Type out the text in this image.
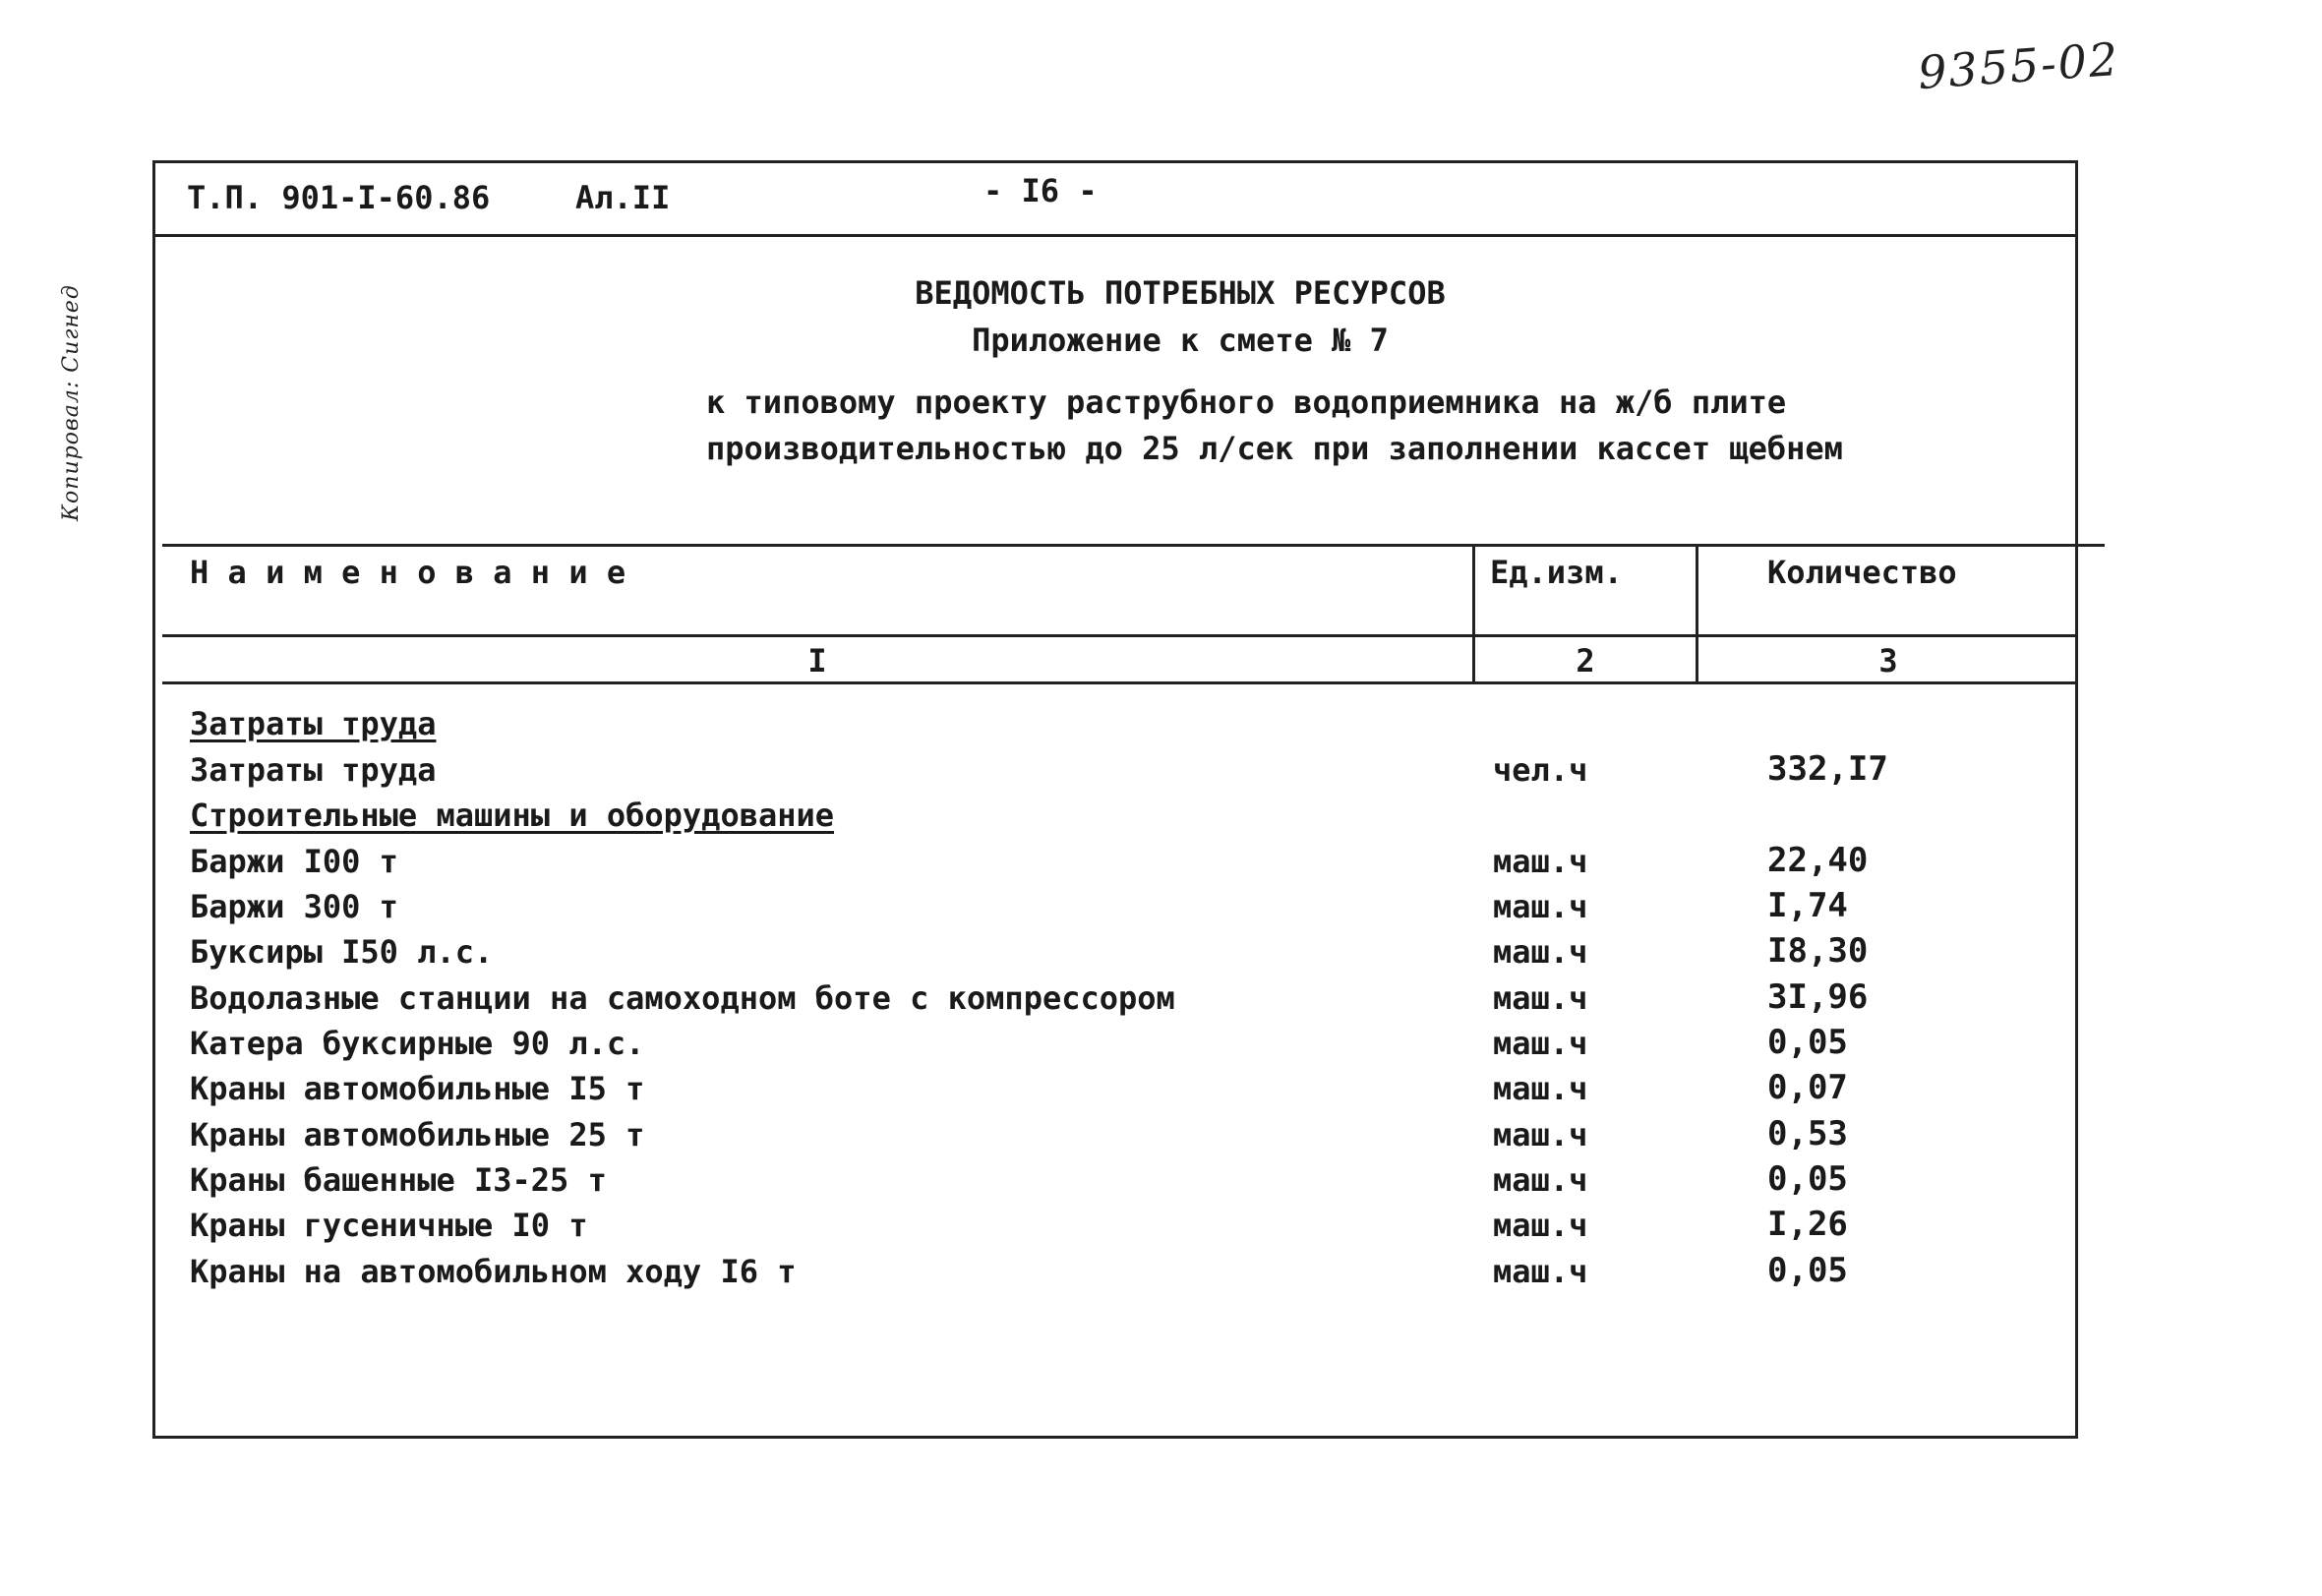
9355-02
Копировал: Сигнед
Т.П. 901-I-60.86	Ал.II	- I6 -
ВЕДОМОСТЬ ПОТРЕБНЫХ РЕСУРСОВ
Приложение к смете № 7
к типовому проекту раструбного водоприемника на ж/б плите
производительностью до 25 л/сек при заполнении кассет щебнем
Н а и м е н о в а н и е	Ед.изм.	Количество
I	2	3
Затраты труда
Затраты труда	чел.ч	332,I7
Строительные машины и оборудование
Баржи I00 т	маш.ч	22,40
Баржи 300 т	маш.ч	I,74
Буксиры I50 л.с.	маш.ч	I8,30
Водолазные станции на самоходном боте с компрессором	маш.ч	3I,96
Катера буксирные 90 л.с.	маш.ч	0,05
Краны автомобильные I5 т	маш.ч	0,07
Краны автомобильные 25 т	маш.ч	0,53
Краны башенные I3-25 т	маш.ч	0,05
Краны гусеничные I0 т	маш.ч	I,26
Краны на автомобильном ходу I6 т	маш.ч	0,05
